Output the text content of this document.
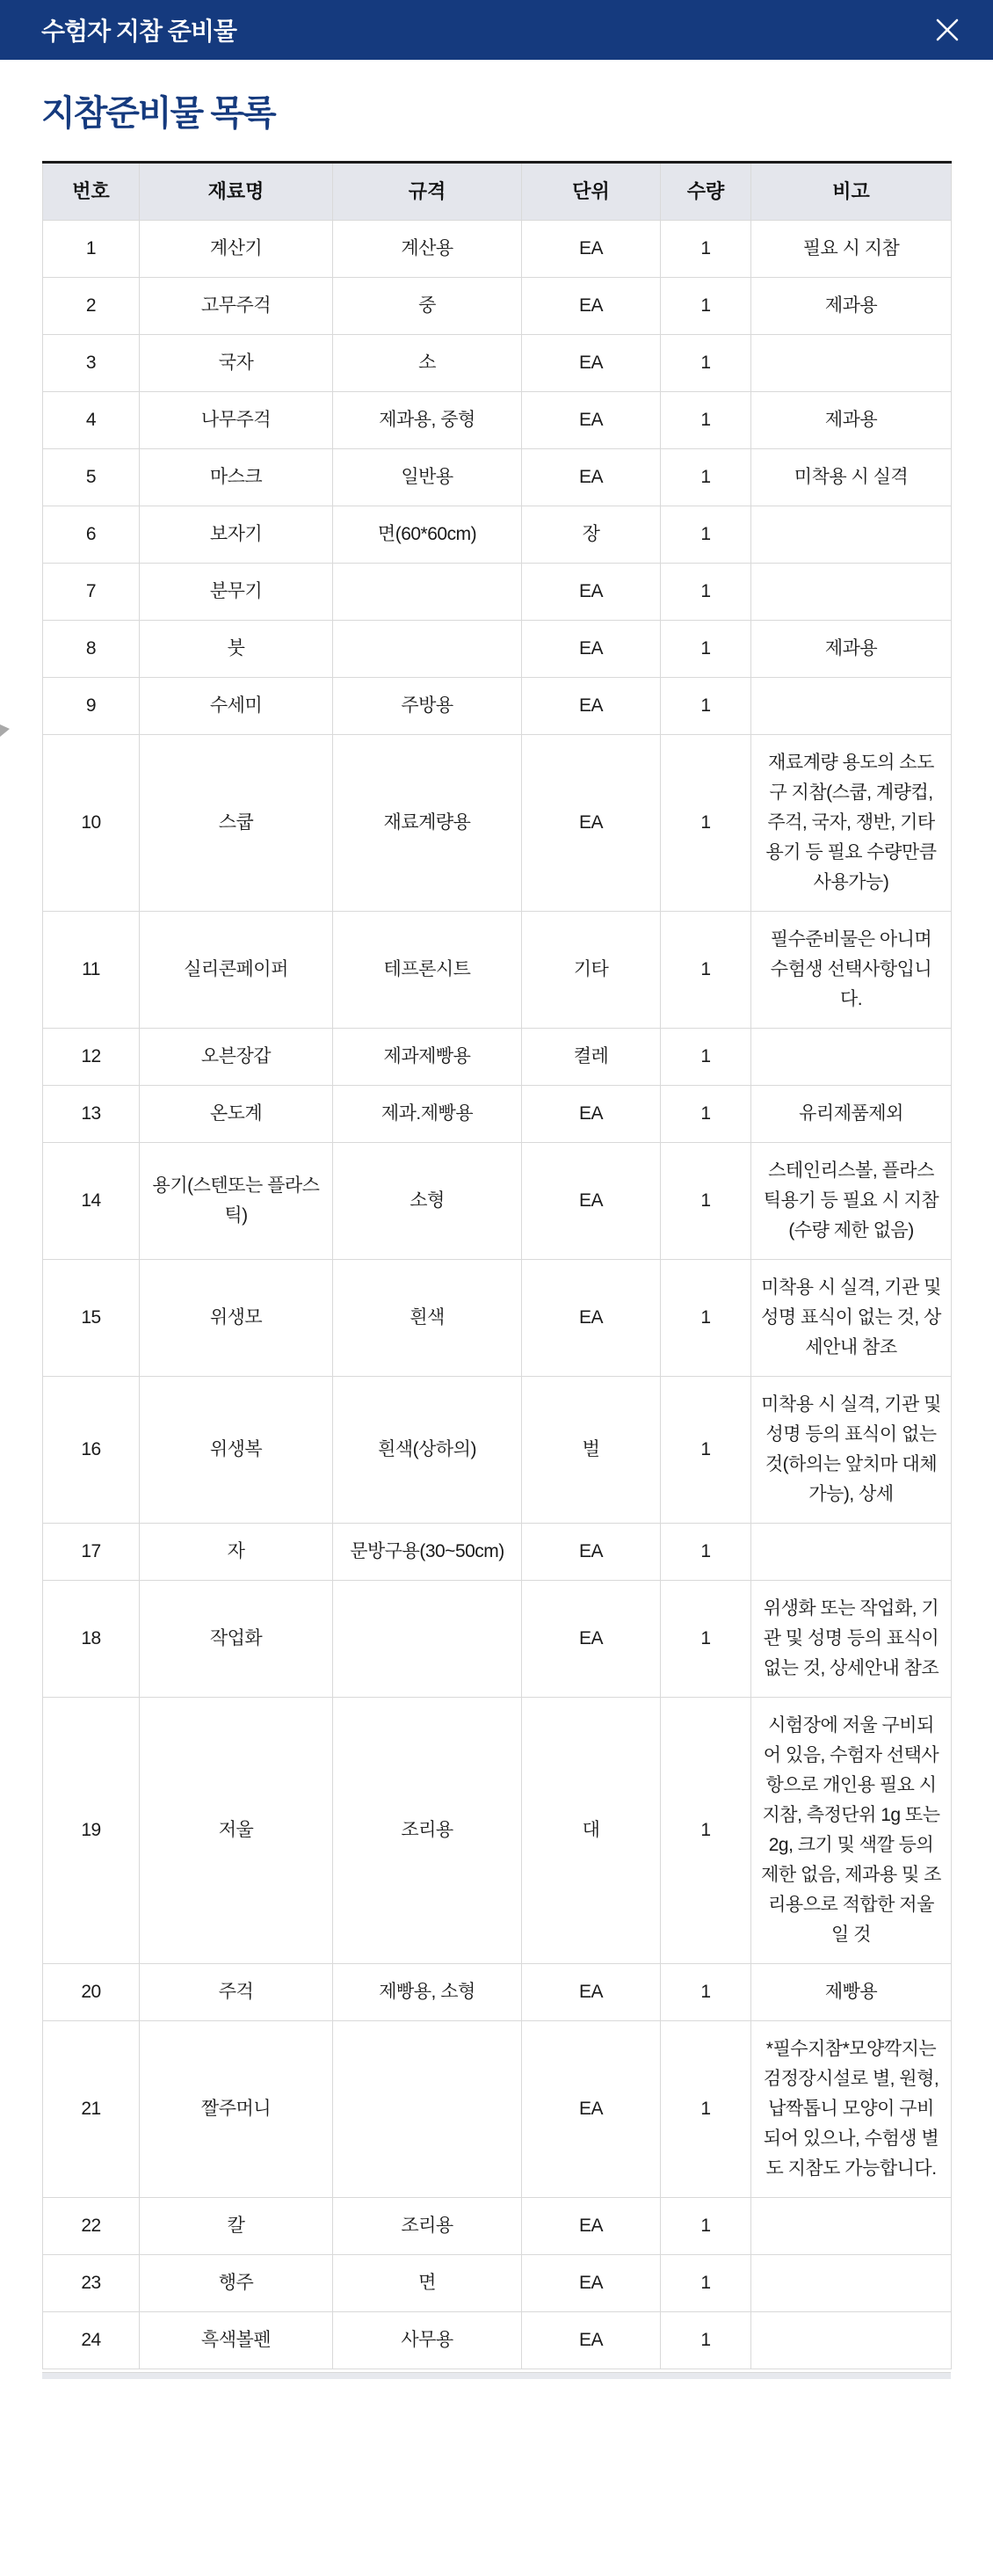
수험자 지참 준비물
지참준비물 목록
번호	재료명	규격	단위	수량	비고
1	계산기	계산용	EA	1	필요 시 지참
2	고무주걱	중	EA	1	제과용
3	국자	소	EA	1	
4	나무주걱	제과용, 중형	EA	1	제과용
5	마스크	일반용	EA	1	미착용 시 실격
6	보자기	면(60*60cm)	장	1	
7	분무기		EA	1	
8	붓		EA	1	제과용
9	수세미	주방용	EA	1	
10	스쿱	재료계량용	EA	1	재료계량 용도의 소도구 지참(스쿱, 계량컵, 주걱, 국자, 쟁반, 기타 용기 등 필요 수량만큼 사용가능)
11	실리콘페이퍼	테프론시트	기타	1	필수준비물은 아니며 수험생 선택사항입니다.
12	오븐장갑	제과제빵용	켤레	1	
13	온도계	제과.제빵용	EA	1	유리제품제외
14	용기(스텐또는 플라스틱)	소형	EA	1	스테인리스볼, 플라스틱용기 등 필요 시 지참(수량 제한 없음)
15	위생모	흰색	EA	1	미착용 시 실격, 기관 및 성명 표식이 없는 것, 상세안내 참조
16	위생복	흰색(상하의)	벌	1	미착용 시 실격, 기관 및 성명 등의 표식이 없는 것(하의는 앞치마 대체 가능), 상세
17	자	문방구용(30~50cm)	EA	1	
18	작업화		EA	1	위생화 또는 작업화, 기관 및 성명 등의 표식이 없는 것, 상세안내 참조
19	저울	조리용	대	1	시험장에 저울 구비되어 있음, 수험자 선택사항으로 개인용 필요 시 지참, 측정단위 1g 또는 2g, 크기 및 색깔 등의 제한 없음, 제과용 및 조리용으로 적합한 저울 일 것
20	주걱	제빵용, 소형	EA	1	제빵용
21	짤주머니		EA	1	*필수지참*모양깍지는 검정장시설로 별, 원형, 납짝톱니 모양이 구비되어 있으나, 수험생 별도 지참도 가능합니다.
22	칼	조리용	EA	1	
23	행주	면	EA	1	
24	흑색볼펜	사무용	EA	1	
